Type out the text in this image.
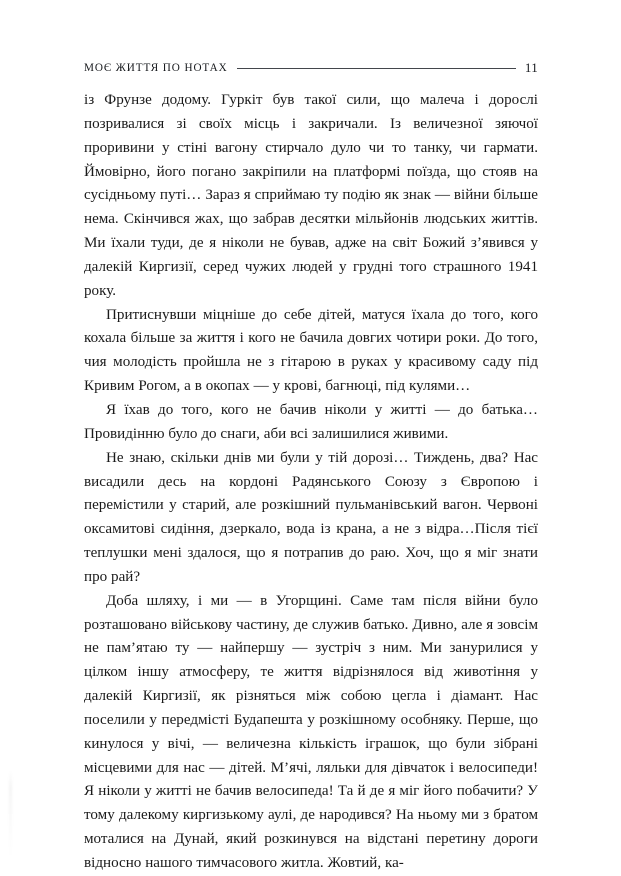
МОЄ ЖИТТЯ ПО НОТАХ	11

із Фрунзе додому. Гуркіт був такої сили, що малеча і дорослі позривалися зі своїх місць і закричали. Із величезної зяючої проривини у стіні вагону стирчало дуло чи то танку, чи гармати. Ймовірно, його погано закріпили на платформі поїзда, що стояв на сусідньому путі… Зараз я сприймаю ту подію як знак — війни більше нема. Скінчився жах, що забрав десятки мільйонів людських життів. Ми їхали туди, де я ніколи не бував, адже на світ Божий з’явився у далекій Киргизії, серед чужих людей у грудні того страшного 1941 року.

Притиснувши міцніше до себе дітей, матуся їхала до того, кого кохала більше за життя і кого не бачила довгих чотири роки. До того, чия молодість пройшла не з гітарою в руках у красивому саду під Кривим Рогом, а в окопах — у крові, багнюці, під кулями…

Я їхав до того, кого не бачив ніколи у житті — до батька… Провидінню було до снаги, аби всі залишилися живими.

Не знаю, скільки днів ми були у тій дорозі… Тиждень, два? Нас висадили десь на кордоні Радянського Союзу з Європою і перемістили у старий, але розкішний пульманівський вагон. Червоні оксамитові сидіння, дзеркало, вода із крана, а не з відра…Після тієї теплушки мені здалося, що я потрапив до раю. Хоч, що я міг знати про рай?

Доба шляху, і ми — в Угорщині. Саме там після війни було розташовано військову частину, де служив батько. Дивно, але я зовсім не пам’ятаю ту — найпершу — зустріч з ним. Ми занурилися у цілком іншу атмосферу, те життя відрізнялося від животіння у далекій Киргизії, як різняться між собою цегла і діамант. Нас поселили у передмісті Будапешта у розкішному особняку. Перше, що кинулося у вічі, — величезна кількість іграшок, що були зібрані місцевими для нас — дітей. М’ячі, ляльки для дівчаток і велосипеди! Я ніколи у житті не бачив велосипеда! Та й де я міг його побачити? У тому далекому киргизькому аулі, де народився? На ньому ми з братом моталися на Дунай, який розкинувся на відстані перетину дороги відносно нашого тимчасового житла. Жовтий, ка-
